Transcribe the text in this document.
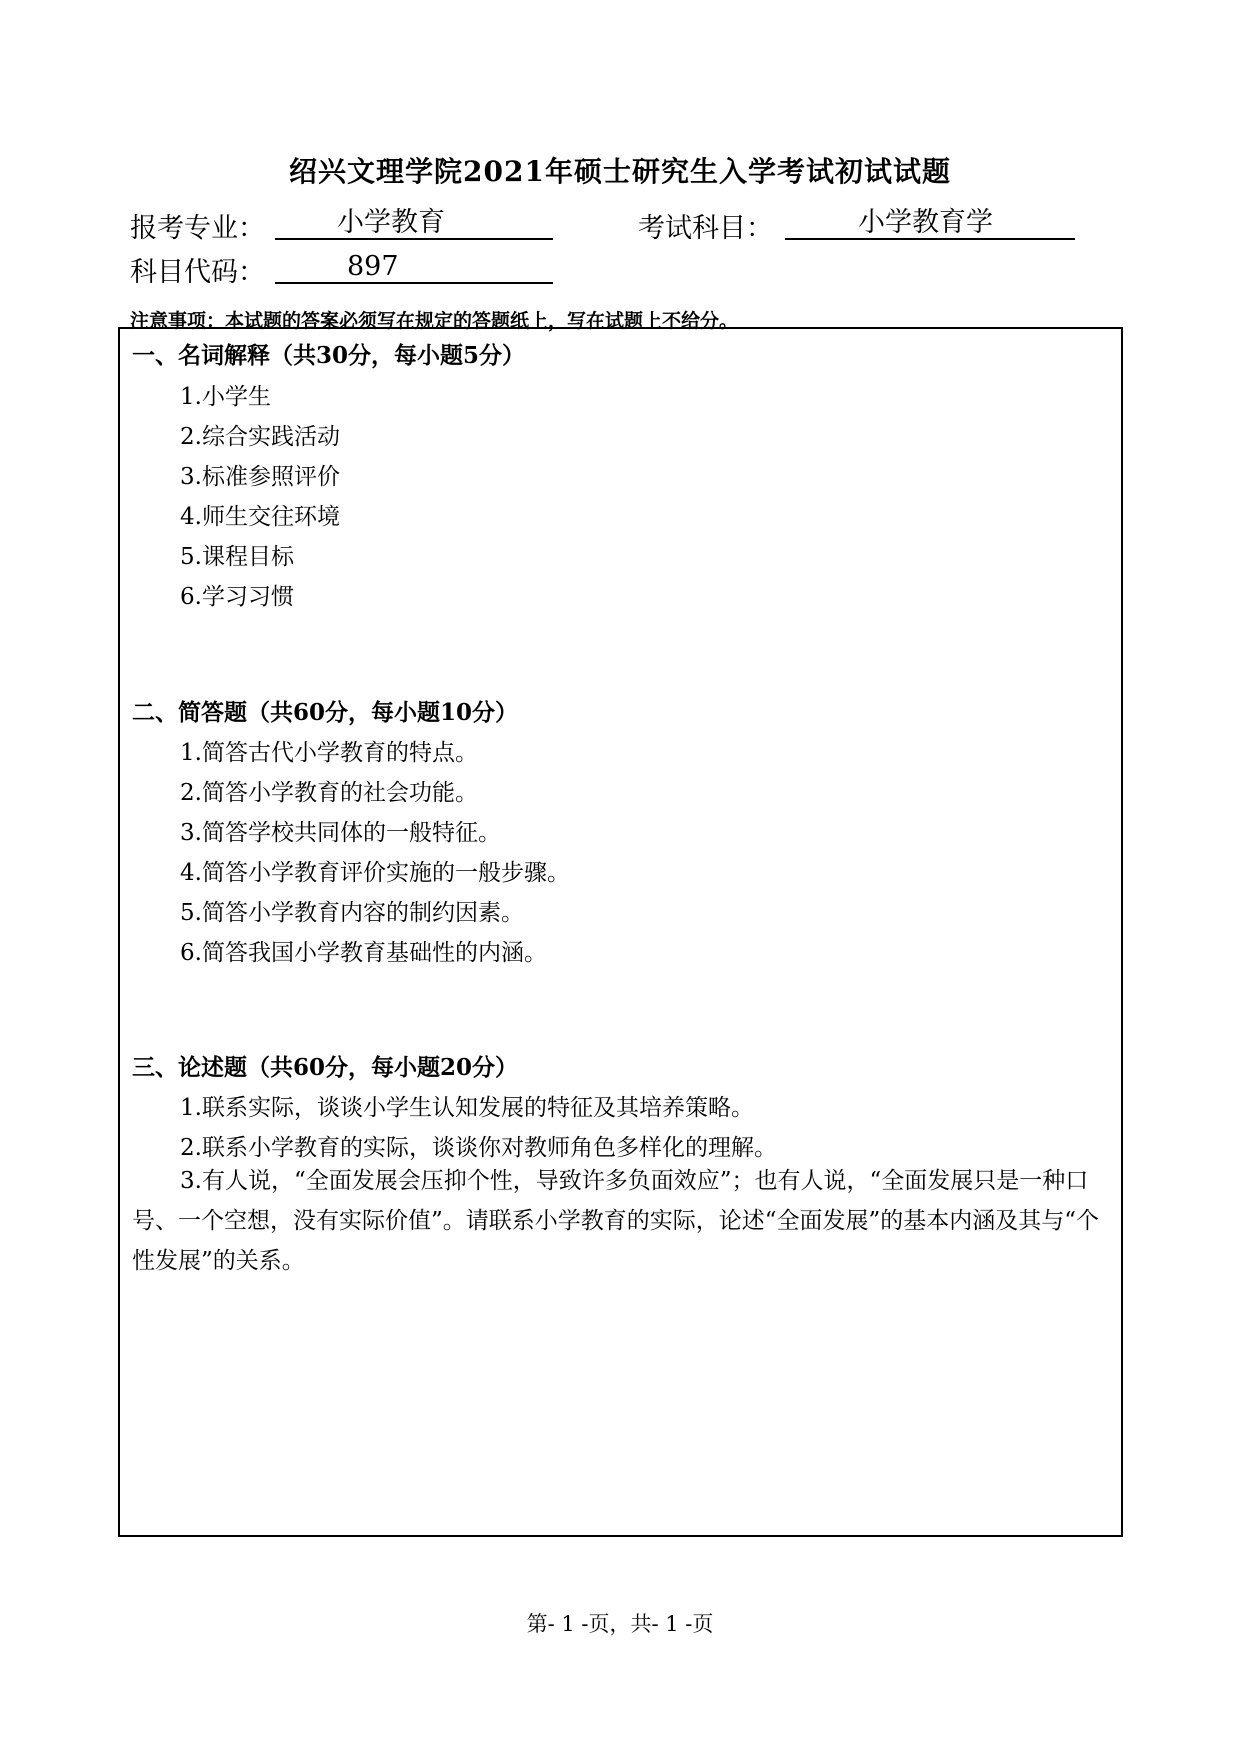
绍兴文理学院2021年硕士研究生入学考试初试试题
报考专业：	小学教育	考试科目：	小学教育学
科目代码：	897
注意事项：本试题的答案必须写在规定的答题纸上，写在试题上不给分。
一、名词解释（共30分，每小题5分）
1.小学生
2.综合实践活动
3.标准参照评价
4.师生交往环境
5.课程目标
6.学习习惯
二、简答题（共60分，每小题10分）
1.简答古代小学教育的特点。
2.简答小学教育的社会功能。
3.简答学校共同体的一般特征。
4.简答小学教育评价实施的一般步骤。
5.简答小学教育内容的制约因素。
6.简答我国小学教育基础性的内涵。
三、论述题（共60分，每小题20分）
1.联系实际，谈谈小学生认知发展的特征及其培养策略。
2.联系小学教育的实际，谈谈你对教师角色多样化的理解。
3.有人说，“全面发展会压抑个性，导致许多负面效应”；也有人说，“全面发展只是一种口号、一个空想，没有实际价值”。请联系小学教育的实际，论述“全面发展”的基本内涵及其与“个性发展”的关系。
第- 1 -页，共- 1 -页
